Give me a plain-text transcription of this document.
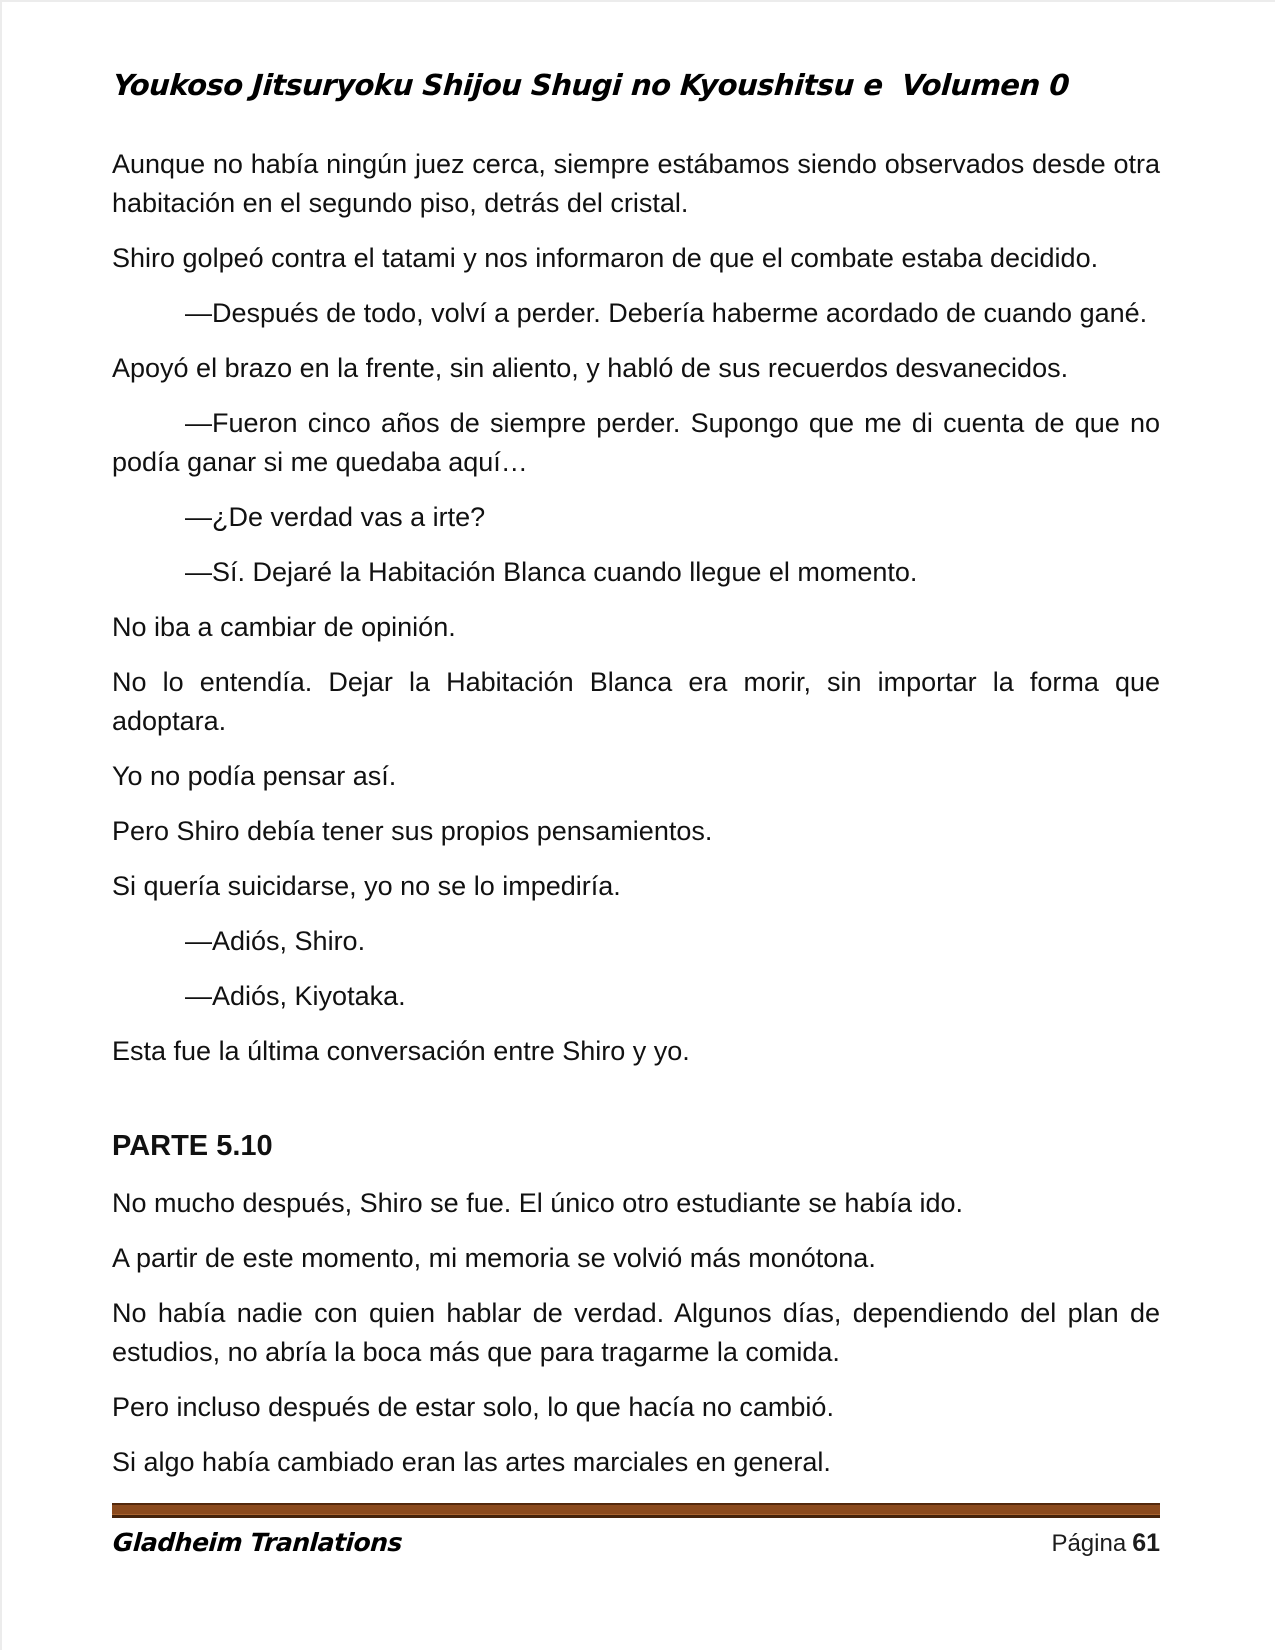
Youkoso Jitsuryoku Shijou Shugi no Kyoushitsu e  Volumen 0

Aunque no había ningún juez cerca, siempre estábamos siendo observados desde otra habitación en el segundo piso, detrás del cristal.

Shiro golpeó contra el tatami y nos informaron de que el combate estaba decidido.

—Después de todo, volví a perder. Debería haberme acordado de cuando gané.

Apoyó el brazo en la frente, sin aliento, y habló de sus recuerdos desvanecidos.

—Fueron cinco años de siempre perder. Supongo que me di cuenta de que no podía ganar si me quedaba aquí…

—¿De verdad vas a irte?

—Sí. Dejaré la Habitación Blanca cuando llegue el momento.

No iba a cambiar de opinión.

No lo entendía. Dejar la Habitación Blanca era morir, sin importar la forma que adoptara.

Yo no podía pensar así.

Pero Shiro debía tener sus propios pensamientos.

Si quería suicidarse, yo no se lo impediría.

—Adiós, Shiro.

—Adiós, Kiyotaka.

Esta fue la última conversación entre Shiro y yo.

PARTE 5.10

No mucho después, Shiro se fue. El único otro estudiante se había ido.

A partir de este momento, mi memoria se volvió más monótona.

No había nadie con quien hablar de verdad. Algunos días, dependiendo del plan de estudios, no abría la boca más que para tragarme la comida.

Pero incluso después de estar solo, lo que hacía no cambió.

Si algo había cambiado eran las artes marciales en general.

Gladheim Tranlations	Página 61
